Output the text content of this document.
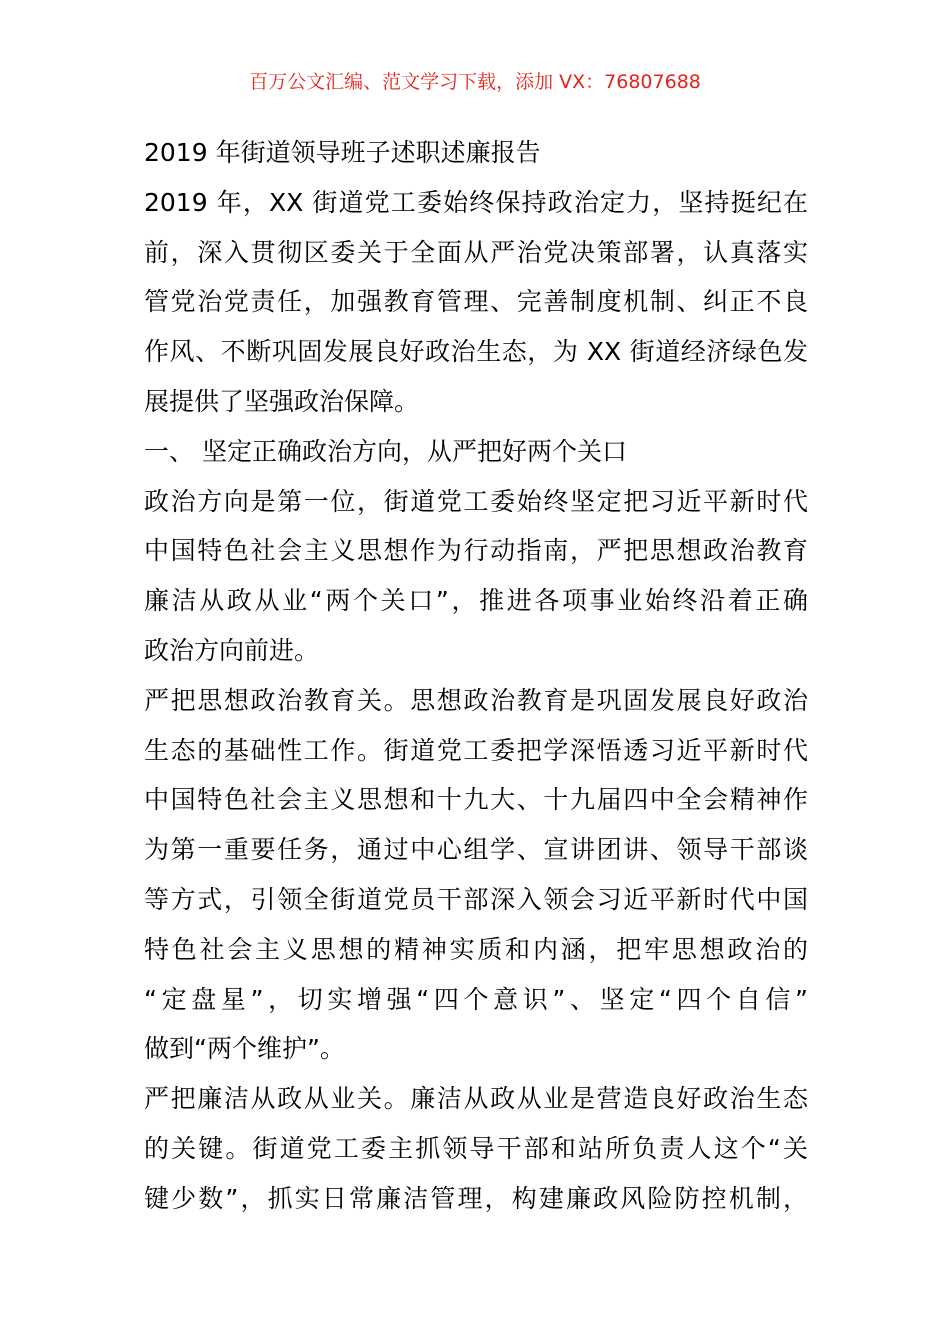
百万公文汇编、范文学习下载，添加 VX：76807688
2019 年街道领导班子述职述廉报告
2019 年，XX 街道党工委始终保持政治定力，坚持挺纪在
前，深入贯彻区委关于全面从严治党决策部署，认真落实
管党治党责任，加强教育管理、完善制度机制、纠正不良
作风、不断巩固发展良好政治生态，为 XX 街道经济绿色发
展提供了坚强政治保障。
一、 坚定正确政治方向，从严把好两个关口
政治方向是第一位，街道党工委始终坚定把习近平新时代
中国特色社会主义思想作为行动指南，严把思想政治教育
廉洁从政从业“两个关口”，推进各项事业始终沿着正确
政治方向前进。
严把思想政治教育关。思想政治教育是巩固发展良好政治
生态的基础性工作。街道党工委把学深悟透习近平新时代
中国特色社会主义思想和十九大、十九届四中全会精神作
为第一重要任务，通过中心组学、宣讲团讲、领导干部谈
等方式，引领全街道党员干部深入领会习近平新时代中国
特色社会主义思想的精神实质和内涵，把牢思想政治的
“定盘星”，切实增强“四个意识”、坚定“四个自信”
做到“两个维护”。
严把廉洁从政从业关。廉洁从政从业是营造良好政治生态
的关键。街道党工委主抓领导干部和站所负责人这个“关
键少数”，抓实日常廉洁管理，构建廉政风险防控机制，
